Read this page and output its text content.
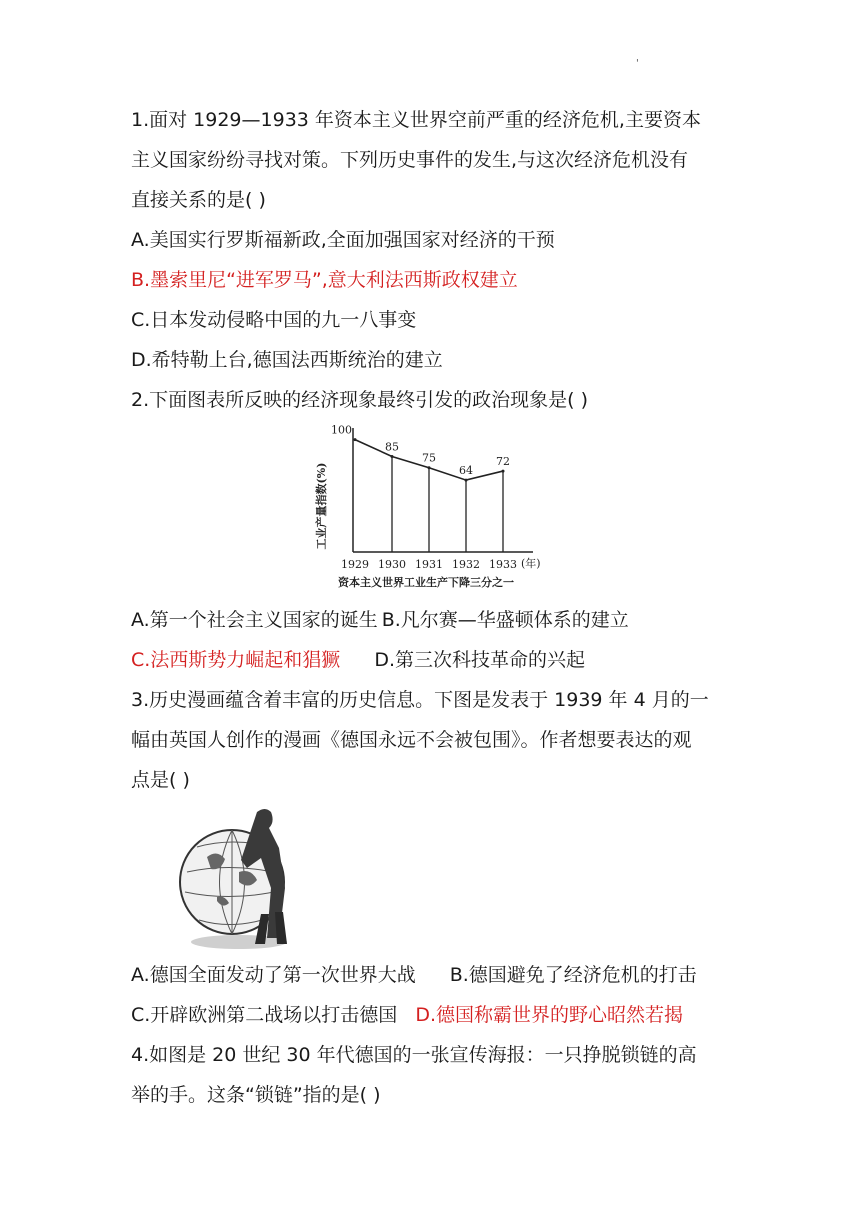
'
1.面对 1929—1933 年资本主义世界空前严重的经济危机,主要资本
主义国家纷纷寻找对策。下列历史事件的发生,与这次经济危机没有
直接关系的是( )
A.美国实行罗斯福新政,全面加强国家对经济的干预
B.墨索里尼“进军罗马”,意大利法西斯政权建立
C.日本发动侵略中国的九一八事变
D.希特勒上台,德国法西斯统治的建立
2.下面图表所反映的经济现象最终引发的政治现象是( )
工业产量指数(%)
(年)
资本主义世界工业生产下降三分之一
100
1929
85
1930
75
1931
64
1932
72
1933
A.第一个社会主义国家的诞生 B.凡尔赛—华盛顿体系的建立
C.法西斯势力崛起和猖獗 D.第三次科技革命的兴起
3.历史漫画蕴含着丰富的历史信息。下图是发表于 1939 年 4 月的一
幅由英国人创作的漫画《德国永远不会被包围》。作者想要表达的观
点是( )
A.德国全面发动了第一次世界大战 B.德国避免了经济危机的打击
C.开辟欧洲第二战场以打击德国 D.德国称霸世界的野心昭然若揭
4.如图是 20 世纪 30 年代德国的一张宣传海报：一只挣脱锁链的高
举的手。这条“锁链”指的是( )
